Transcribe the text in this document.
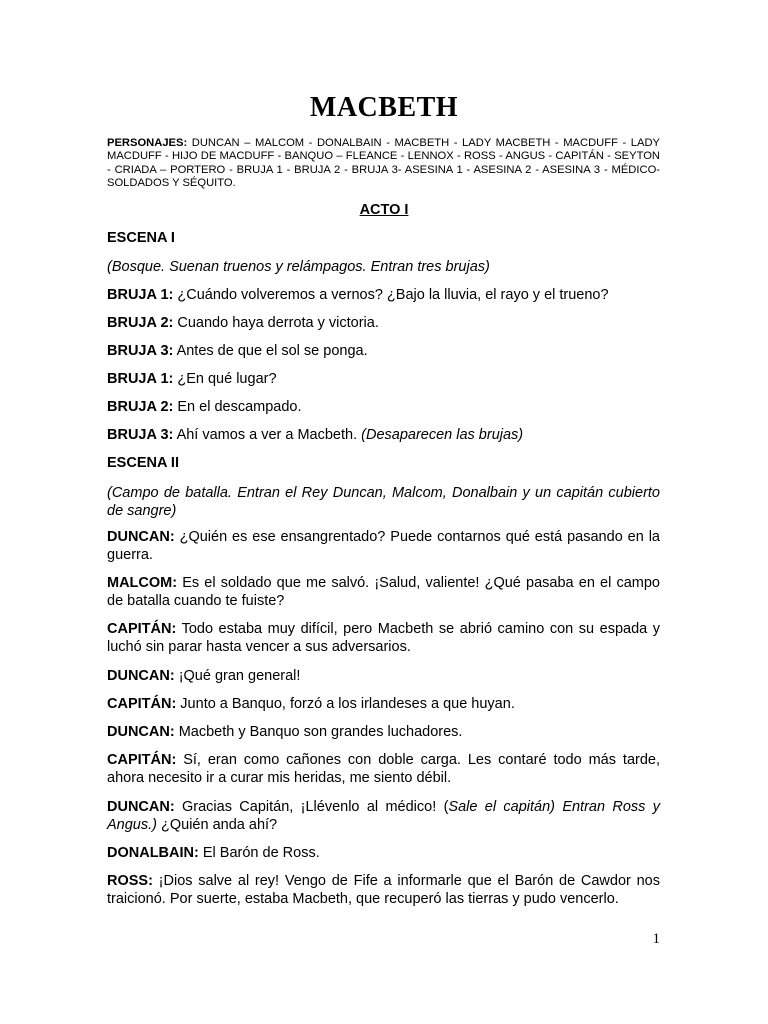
MACBETH

PERSONAJES: DUNCAN – MALCOM - DONALBAIN - MACBETH - LADY MACBETH - MACDUFF - LADY MACDUFF - HIJO DE MACDUFF - BANQUO – FLEANCE - LENNOX - ROSS - ANGUS - CAPITÁN - SEYTON - CRIADA – PORTERO - BRUJA 1 - BRUJA 2 - BRUJA 3- ASESINA 1 - ASESINA 2 - ASESINA 3 - MÉDICO-SOLDADOS Y SÉQUITO.

ACTO I

ESCENA I

(Bosque. Suenan truenos y relámpagos. Entran tres brujas)

BRUJA 1: ¿Cuándo volveremos a vernos? ¿Bajo la lluvia, el rayo y el trueno?

BRUJA 2: Cuando haya derrota y victoria.

BRUJA 3: Antes de que el sol se ponga.

BRUJA 1: ¿En qué lugar?

BRUJA 2: En el descampado.

BRUJA 3: Ahí vamos a ver a Macbeth. (Desaparecen las brujas)

ESCENA II

(Campo de batalla. Entran el Rey Duncan, Malcom, Donalbain y un capitán cubierto de sangre)

DUNCAN: ¿Quién es ese ensangrentado? Puede contarnos qué está pasando en la guerra.

MALCOM: Es el soldado que me salvó. ¡Salud, valiente! ¿Qué pasaba en el campo de batalla cuando te fuiste?

CAPITÁN: Todo estaba muy difícil, pero Macbeth se abrió camino con su espada y luchó sin parar hasta vencer a sus adversarios.

DUNCAN: ¡Qué gran general!

CAPITÁN: Junto a Banquo, forzó a los irlandeses a que huyan.

DUNCAN: Macbeth y Banquo son grandes luchadores.

CAPITÁN: Sí, eran como cañones con doble carga. Les contaré todo más tarde, ahora necesito ir a curar mis heridas, me siento débil.

DUNCAN: Gracias Capitán, ¡Llévenlo al médico! (Sale el capitán) Entran Ross y Angus.) ¿Quién anda ahí?

DONALBAIN: El Barón de Ross.

ROSS: ¡Dios salve al rey! Vengo de Fife a informarle que el Barón de Cawdor nos traicionó. Por suerte, estaba Macbeth, que recuperó las tierras y pudo vencerlo.

1
